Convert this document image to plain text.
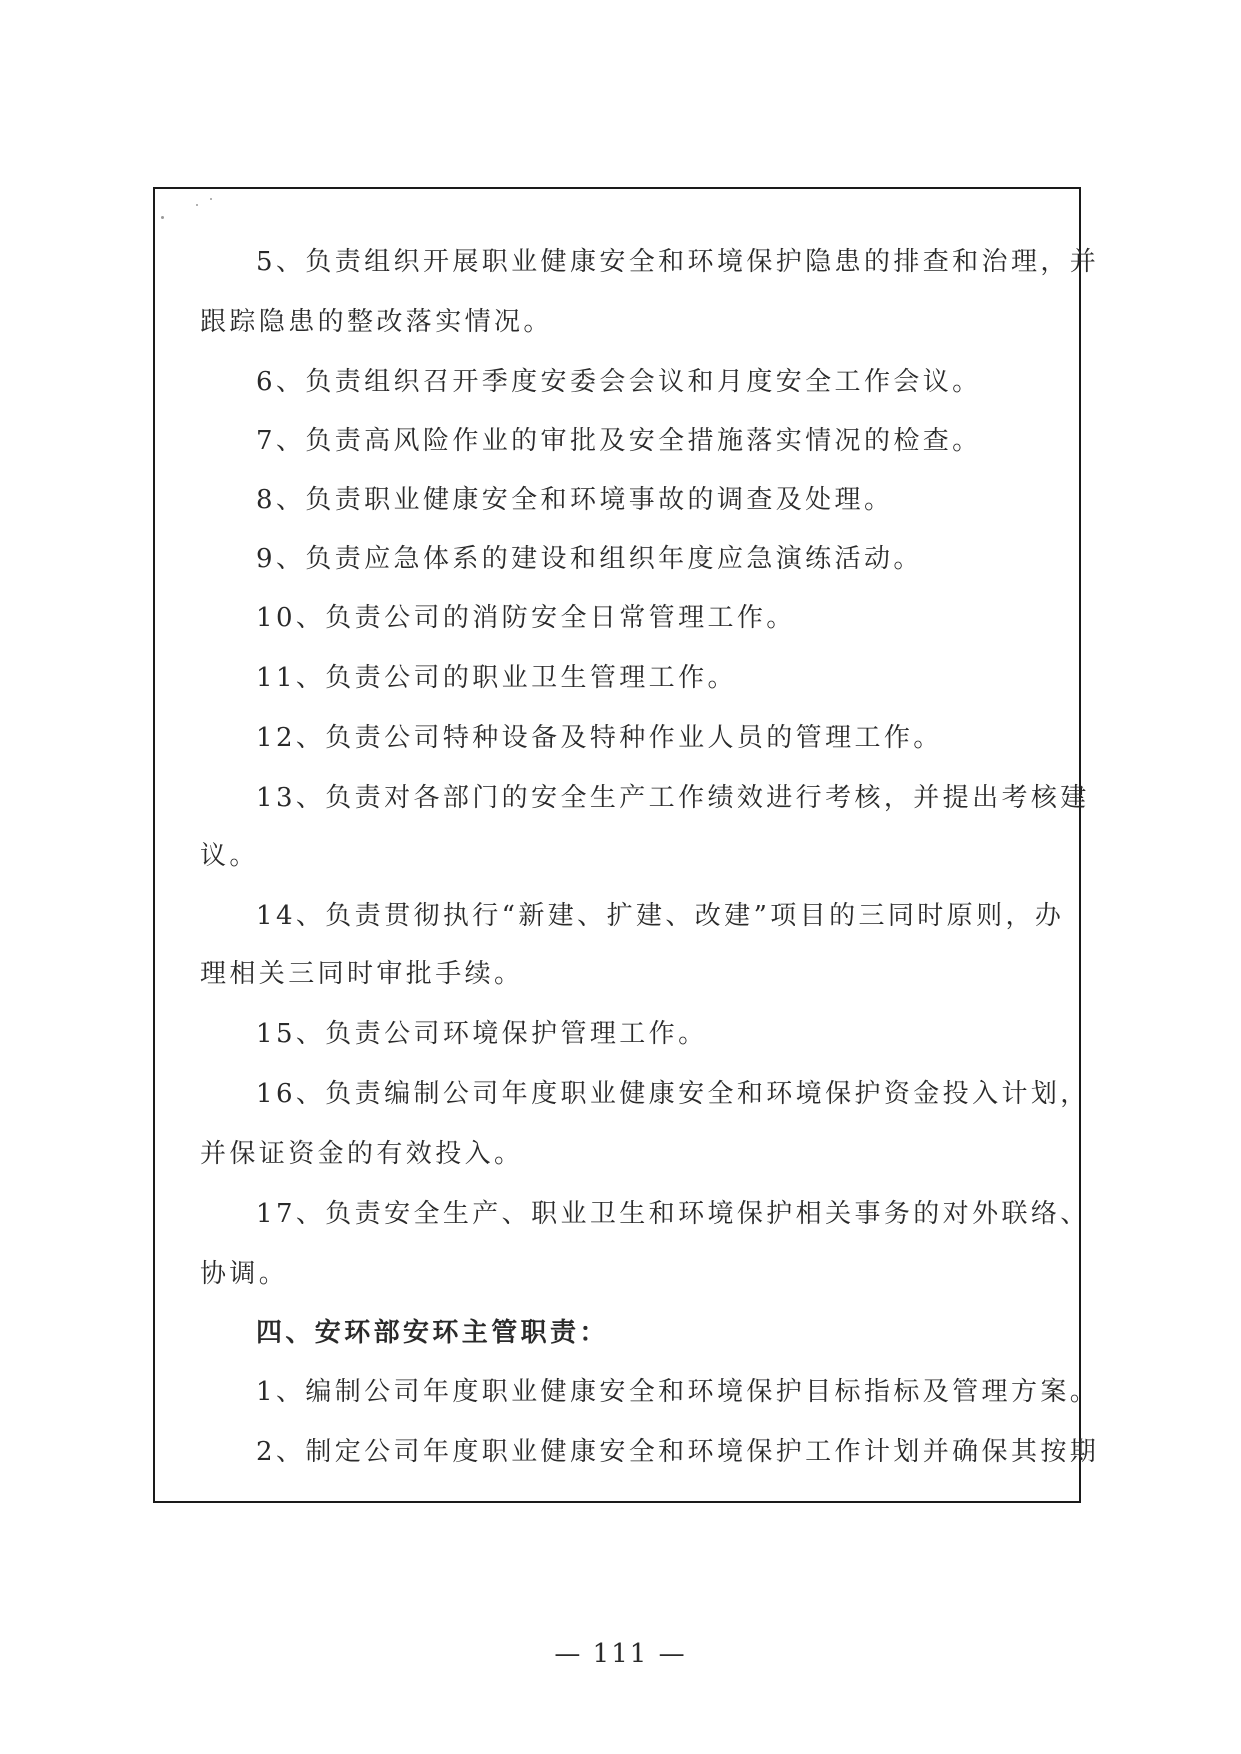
5、负责组织开展职业健康安全和环境保护隐患的排查和治理，并
跟踪隐患的整改落实情况。
6、负责组织召开季度安委会会议和月度安全工作会议。
7、负责高风险作业的审批及安全措施落实情况的检查。
8、负责职业健康安全和环境事故的调查及处理。
9、负责应急体系的建设和组织年度应急演练活动。
10、负责公司的消防安全日常管理工作。
11、负责公司的职业卫生管理工作。
12、负责公司特种设备及特种作业人员的管理工作。
13、负责对各部门的安全生产工作绩效进行考核，并提出考核建
议。
14、负责贯彻执行“新建、扩建、改建”项目的三同时原则，办
理相关三同时审批手续。
15、负责公司环境保护管理工作。
16、负责编制公司年度职业健康安全和环境保护资金投入计划，
并保证资金的有效投入。
17、负责安全生产、职业卫生和环境保护相关事务的对外联络、
协调。
四、安环部安环主管职责：
1、编制公司年度职业健康安全和环境保护目标指标及管理方案。
2、制定公司年度职业健康安全和环境保护工作计划并确保其按期
— 111 —
